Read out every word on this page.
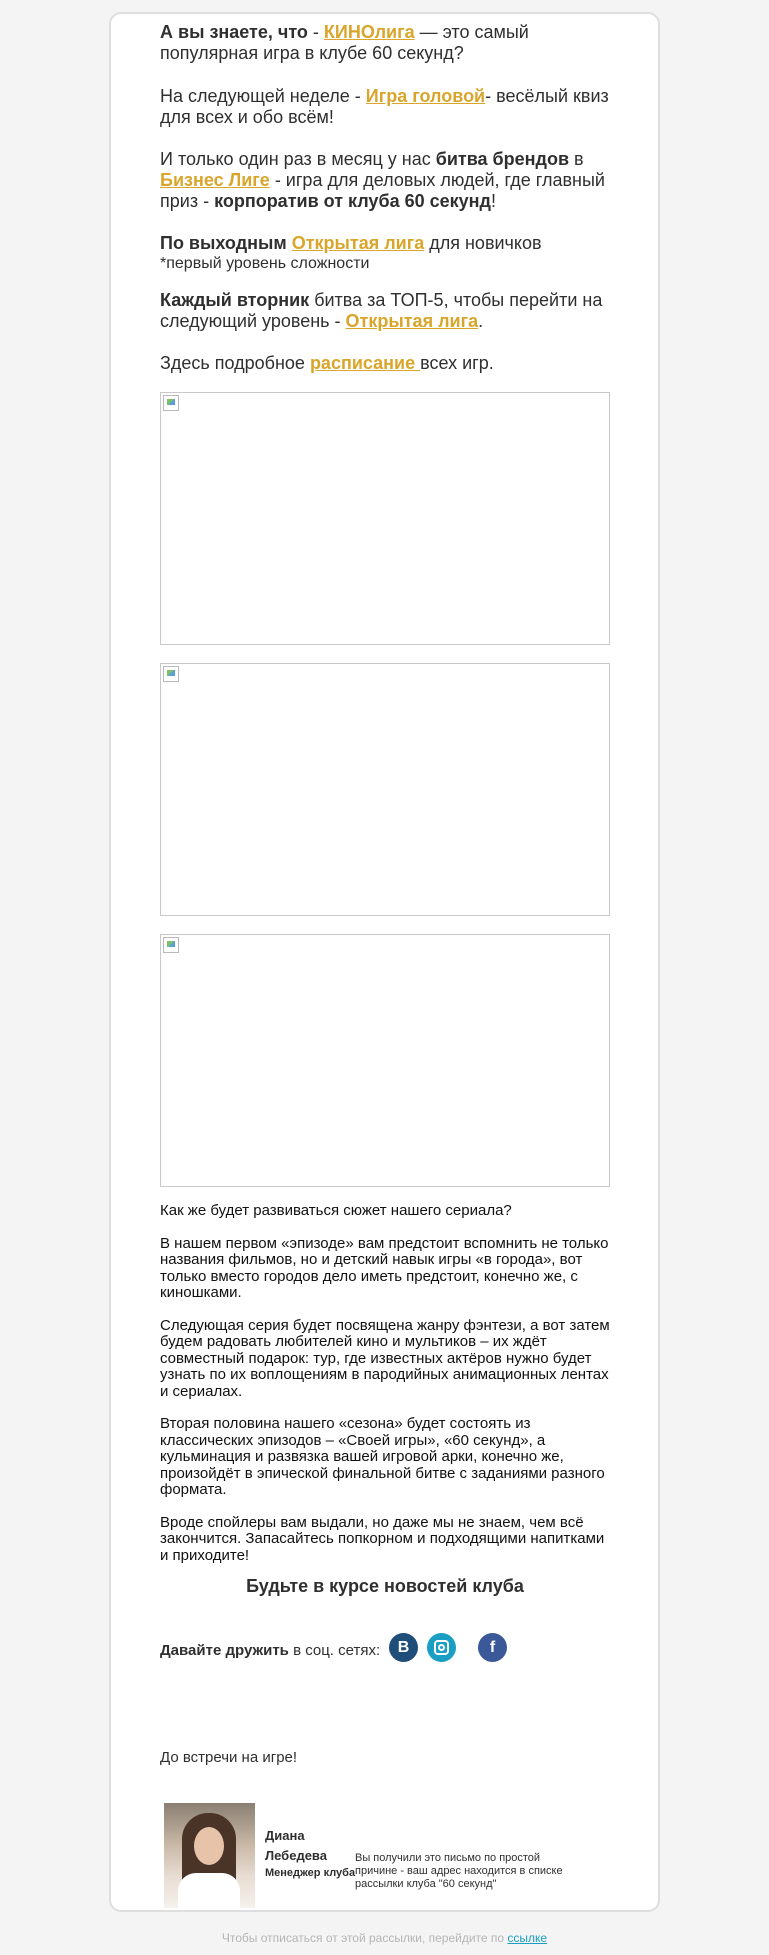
А вы знаете, что - КИНОлига — это самый популярная игра в клубе 60 секунд?

На следующей неделе - Игра головой- весёлый квиз для всех и обо всём!

И только один раз в месяц у нас битва брендов в Бизнес Лиге - игра для деловых людей, где главный приз - корпоратив от клуба 60 секунд!

По выходным Открытая лига для новичков

*первый уровень сложности

Каждый вторник битва за ТОП-5, чтобы перейти на следующий уровень - Открытая лига.

Здесь подробное расписание всех игр.

Как же будет развиваться сюжет нашего сериала?

В нашем первом «эпизоде» вам предстоит вспомнить не только названия фильмов, но и детский навык игры «в города», вот только вместо городов дело иметь предстоит, конечно же, с киношками.

Следующая серия будет посвящена жанру фэнтези, а вот затем будем радовать любителей кино и мультиков – их ждёт совместный подарок: тур, где известных актёров нужно будет узнать по их воплощениям в пародийных анимационных лентах и сериалах.

Вторая половина нашего «сезона» будет состоять из классических эпизодов – «Своей игры», «60 секунд», а кульминация и развязка вашей игровой арки, конечно же, произойдёт в эпической финальной битве с заданиями разного формата.

Вроде спойлеры вам выдали, но даже мы не знаем, чем всё закончится. Запасайтесь попкорном и подходящими напитками и приходите!

Будьте в курсе новостей клуба
Давайте дружить в соц. сетях:	В	f
До встречи на игре!
Диана
Лебедева
Менеджер клуба
Вы получили это письмо по простой причине - ваш адрес находится в списке рассылки клуба "60 секунд"
Чтобы отписаться от этой рассылки, перейдите по ссылке
